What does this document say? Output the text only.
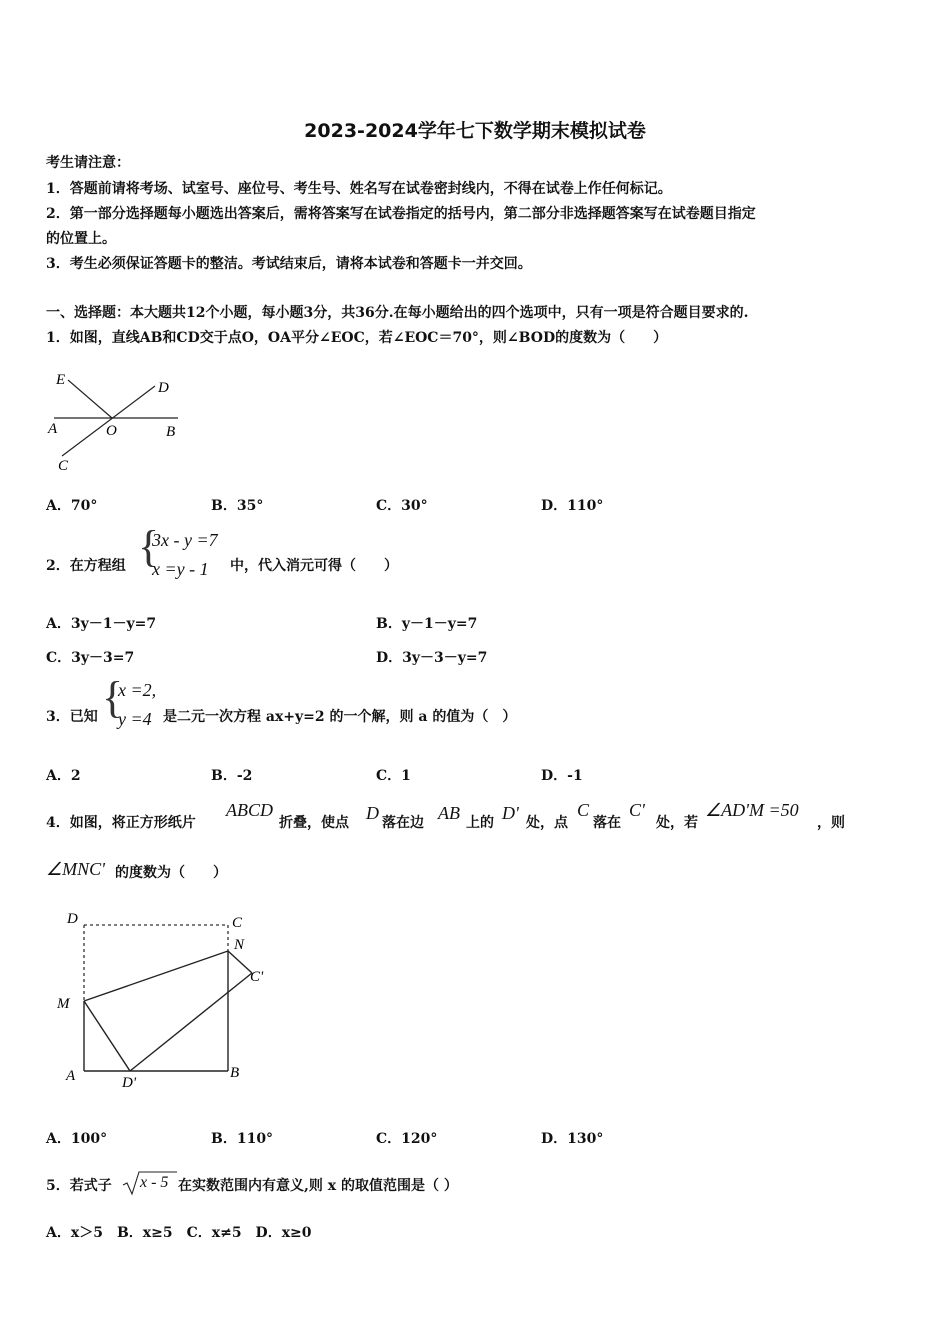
2023-2024学年七下数学期末模拟试卷
考生请注意：
1．答题前请将考场、试室号、座位号、考生号、姓名写在试卷密封线内，不得在试卷上作任何标记。
2．第一部分选择题每小题选出答案后，需将答案写在试卷指定的括号内，第二部分非选择题答案写在试卷题目指定
的位置上。
3．考生必须保证答题卡的整洁。考试结束后，请将本试卷和答题卡一并交回。
一、选择题：本大题共12个小题，每小题3分，共36分.在每小题给出的四个选项中，只有一项是符合题目要求的.
1．如图，直线AB和CD交于点O，OA平分∠EOC，若∠EOC＝70°，则∠BOD的度数为（　　）
E	D
A	O	B
C
A．70°	B．35°	C．30°	D．110°
2．在方程组 {
3x - y =7
x =y - 1 中，代入消元可得（　　）
A．3y－1－y=7	B．y－1－y=7
C．3y－3=7	D．3y－3－y=7
3．已知 {
x =2,
y =4 是二元一次方程 ax+y=2 的一个解，则 a 的值为（　）
A．2	B．-2	C．1	D．-1
4．如图，将正方形纸片
ABCD
折叠，使点 D 落在边 AB 上的 D' 处，点
C
落在
C'
处，若
∠AD'M =50
，则
∠MNC' 的度数为（　　）
D	C
N
C'
M
A	D'
B
A．100°	B．110°	C．120°	D．130°
5．若式子 x - 5 在实数范围内有意义,则 x 的取值范围是（ ）
A．x＞5　B．x≥5　C．x≠5　D．x≥0
